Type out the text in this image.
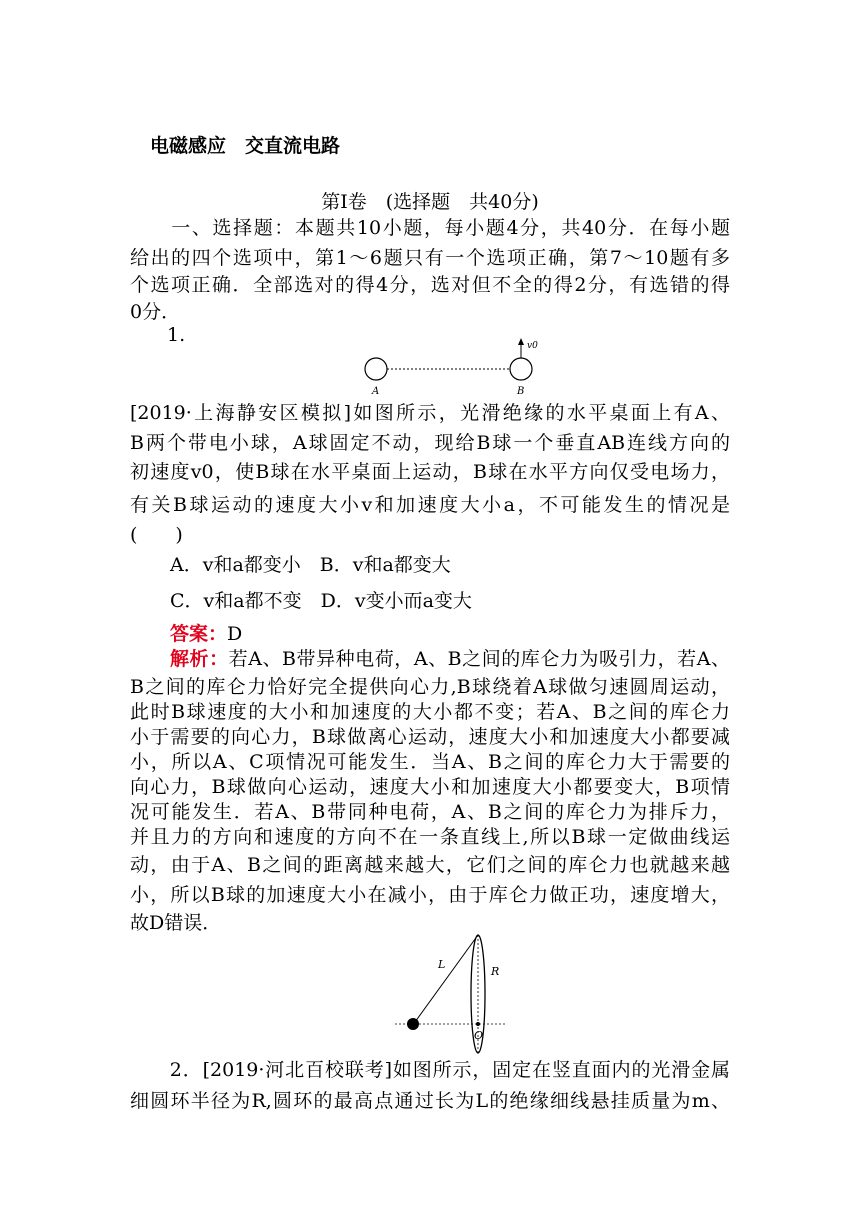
电磁感应　交直流电路
第Ⅰ卷　(选择题　共40分)
　　一、选择题：本题共10小题，每小题4分，共40分．在每小题
给出的四个选项中，第1～6题只有一个选项正确，第7～10题有多
个选项正确．全部选对的得4分，选对但不全的得2分，有选错的得
0分．
1.	v0
A	B
[2019·上海静安区模拟]如图所示，光滑绝缘的水平桌面上有A、
B两个带电小球，A球固定不动，现给B球一个垂直AB连线方向的
初速度v0，使B球在水平桌面上运动，B球在水平方向仅受电场力，
有关B球运动的速度大小v和加速度大小a，不可能发生的情况是
(　　)
A．v和a都变小　B．v和a都变大
C．v和a都不变　D．v变小而a变大
答案：D
解析：若A、B带异种电荷，A、B之间的库仑力为吸引力，若A、
B之间的库仑力恰好完全提供向心力,B球绕着A球做匀速圆周运动，
此时B球速度的大小和加速度的大小都不变；若A、B之间的库仑力
小于需要的向心力，B球做离心运动，速度大小和加速度大小都要减
小，所以A、C项情况可能发生．当A、B之间的库仑力大于需要的
向心力，B球做向心运动，速度大小和加速度大小都要变大，B项情
况可能发生．若A、B带同种电荷，A、B之间的库仑力为排斥力，
并且力的方向和速度的方向不在一条直线上,所以B球一定做曲线运
动，由于A、B之间的距离越来越大，它们之间的库仑力也就越来越
小，所以B球的加速度大小在减小，由于库仑力做正功，速度增大，
故D错误．
L
R
O
　　2．[2019·河北百校联考]如图所示，固定在竖直面内的光滑金属
细圆环半径为R,圆环的最高点通过长为L的绝缘细线悬挂质量为m、
